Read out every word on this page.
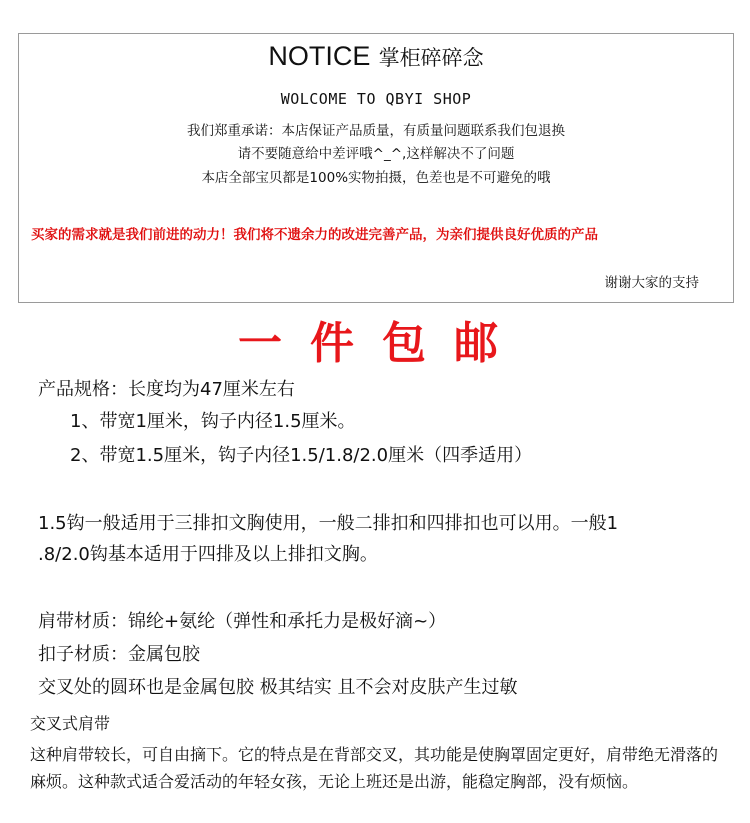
NOTICE 掌柜碎碎念
WOLCOME TO QBYI SHOP
我们郑重承诺：本店保证产品质量，有质量问题联系我们包退换
请不要随意给中差评哦^_^,这样解决不了问题
本店全部宝贝都是100%实物拍摄，色差也是不可避免的哦
买家的需求就是我们前进的动力！我们将不遗余力的改进完善产品，为亲们提供良好优质的产品
谢谢大家的支持
一件包邮
产品规格：长度均为47厘米左右
1、带宽1厘米，钩子内径1.5厘米。
2、带宽1.5厘米，钩子内径1.5/1.8/2.0厘米（四季适用）
1.5钩一般适用于三排扣文胸使用，一般二排扣和四排扣也可以用。一般1
.8/2.0钩基本适用于四排及以上排扣文胸。
肩带材质：锦纶+氨纶（弹性和承托力是极好滴~）
扣子材质：金属包胶
交叉处的圆环也是金属包胶 极其结实 且不会对皮肤产生过敏
交叉式肩带
这种肩带较长，可自由摘下。它的特点是在背部交叉，其功能是使胸罩固定更好，肩带绝无滑落的麻烦。这种款式适合爱活动的年轻女孩，无论上班还是出游，能稳定胸部，没有烦恼。
